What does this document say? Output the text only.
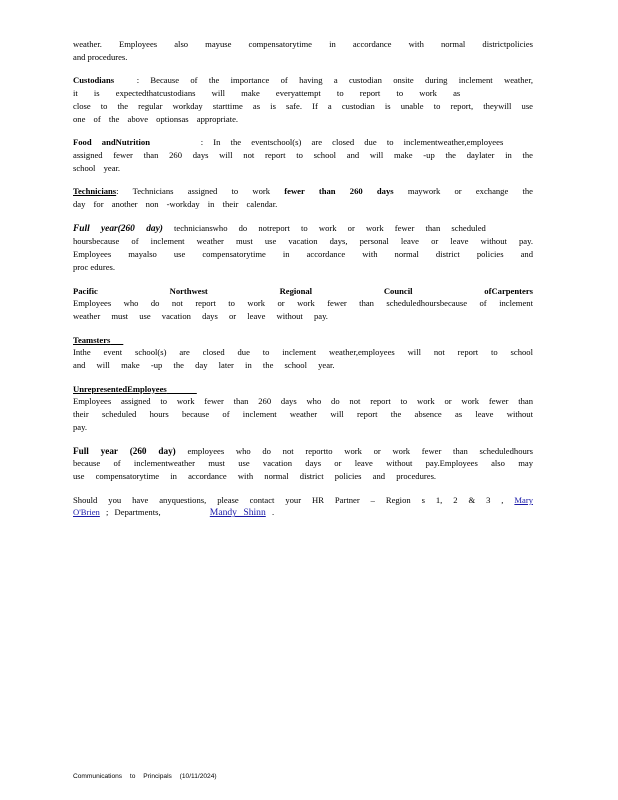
weather. Employees also mayuse compensatorytime in accordance with normal districtpolicies
and procedures.

Custodians	: Because of the importance of having a custodian onsite during inclement weather,
it is expectedthatcustodians will make everyattempt to report to work as
close to the regular workday starttime as is safe. If a custodian is unable to report, theywill use
one of the above optionsas appropriate.

Food andNutrition	: In the eventschool(s) are closed due to inclementweather,employees
assigned fewer than 260 days will not report to school and will make -up the daylater in the
school year.

Technicians: Technicians assigned to work fewer than 260 days maywork or exchange the
day for another non -workday in their calendar.

Full year(260 day) technicianswho do notreport to work or work fewer than scheduled
hoursbecause of inclement weather must use vacation days, personal leave or leave without pay.
Employees mayalso use compensatorytime in accordance with normal district policies and
proc edures.

Pacific Northwest Regional Council ofCarpenters
Employees who do not report to work or work fewer than scheduledhoursbecause of inclement
weather must use vacation days or leave without pay.

Teamsters
Inthe event school(s) are closed due to inclement weather,employees will not report to school
and will make -up the day later in the school year.

UnrepresentedEmployees
Employees assigned to work fewer than 260 days who do not report to work or work fewer than
their scheduled hours because of inclement weather will report the absence as leave without
pay.

Full year (260 day) employees who do not reportto work or work fewer than scheduledhours
because of inclementweather must use vacation days or leave without pay.Employees also may
use compensatorytime in accordance with normal district policies and procedures.

Should you have anyquestions, please contact your HR Partner – Region s 1, 2 & 3 , Mary
O'Brien ; Departments,	Mandy Shinn .

Communications to Principals (10/11/2024)
